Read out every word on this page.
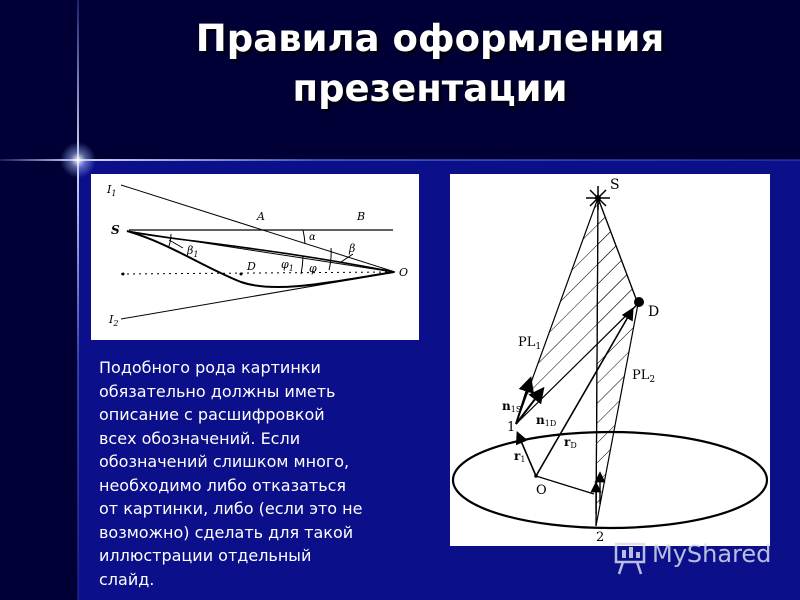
Правила оформления
презентации
$I_1$
$I_2$
S
A	B
α
$\beta_1$	β
D $\varphi_1$ φ	O
S
D
$PL_1$
$PL_2$
n1S
n1D
1
rD
r1
O
2

Подобного рода картинки
обязательно должны иметь
описание с расшифровкой
всех обозначений. Если
обозначений слишком много,
необходимо либо отказаться
от картинки, либо (если это не
возможно) сделать для такой
иллюстрации отдельный
слайд.

MyShared
